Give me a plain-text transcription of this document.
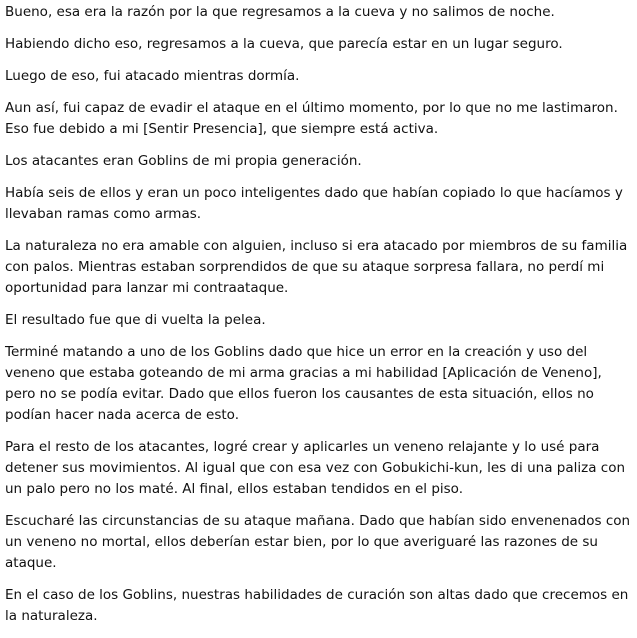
Bueno, esa era la razón por la que regresamos a la cueva y no salimos de noche.

Habiendo dicho eso, regresamos a la cueva, que parecía estar en un lugar seguro.

Luego de eso, fui atacado mientras dormía.

Aun así, fui capaz de evadir el ataque en el último momento, por lo que no me lastimaron. Eso fue debido a mi [Sentir Presencia], que siempre está activa.

Los atacantes eran Goblins de mi propia generación.

Había seis de ellos y eran un poco inteligentes dado que habían copiado lo que hacíamos y llevaban ramas como armas.

La naturaleza no era amable con alguien, incluso si era atacado por miembros de su familia con palos. Mientras estaban sorprendidos de que su ataque sorpresa fallara, no perdí mi oportunidad para lanzar mi contraataque.

El resultado fue que di vuelta la pelea.

Terminé matando a uno de los Goblins dado que hice un error en la creación y uso del veneno que estaba goteando de mi arma gracias a mi habilidad [Aplicación de Veneno], pero no se podía evitar. Dado que ellos fueron los causantes de esta situación, ellos no podían hacer nada acerca de esto.

Para el resto de los atacantes, logré crear y aplicarles un veneno relajante y lo usé para detener sus movimientos. Al igual que con esa vez con Gobukichi-kun, les di una paliza con un palo pero no los maté. Al final, ellos estaban tendidos en el piso.

Escucharé las circunstancias de su ataque mañana. Dado que habían sido envenenados con un veneno no mortal, ellos deberían estar bien, por lo que averiguaré las razones de su ataque.

En el caso de los Goblins, nuestras habilidades de curación son altas dado que crecemos en la naturaleza.
